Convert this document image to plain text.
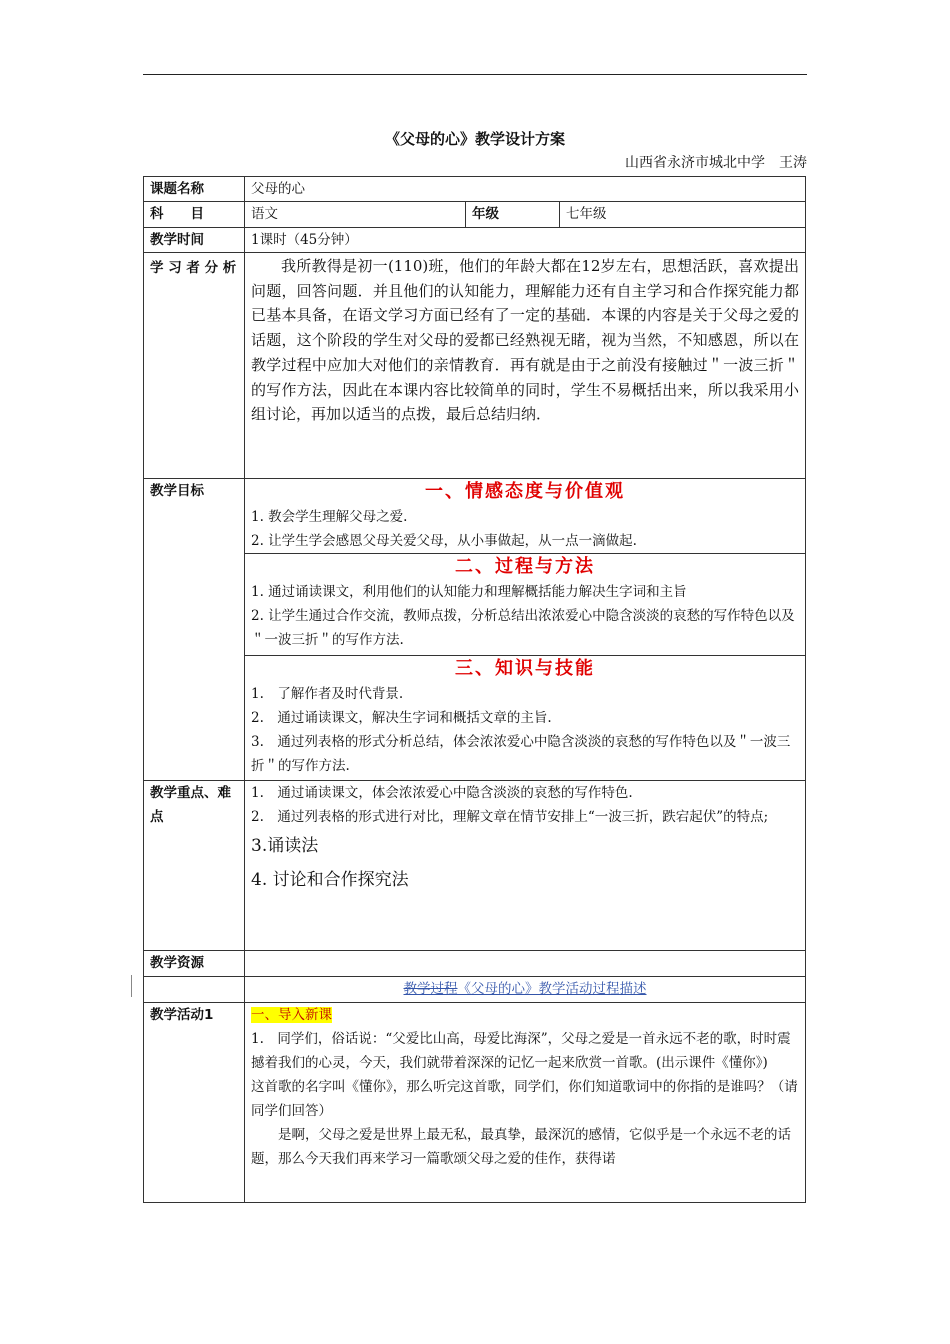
《父母的心》教学设计方案
山西省永济市城北中学　王涛
课题名称	父母的心		
科　　目	语文	年级	七年级
教学时间	1课时（45分钟）		
学 习 者 分 析	我所教得是初一(110)班，他们的年龄大都在12岁左右，思想活跃，喜欢提出问题，回答问题．并且他们的认知能力，理解能力还有自主学习和合作探究能力都已基本具备，在语文学习方面已经有了一定的基础．本课的内容是关于父母之爱的话题，这个阶段的学生对父母的爱都已经熟视无睹，视为当然，不知感恩，所以在教学过程中应加大对他们的亲情教育．再有就是由于之前没有接触过＂一波三折＂的写作方法，因此在本课内容比较简单的同时，学生不易概括出来，所以我采用小组讨论，再加以适当的点拨，最后总结归纳．		

教学目标	一、情感态度与价值观
1. 教会学生理解父母之爱.
2. 让学生学会感恩父母关爱父母，从小事做起，从一点一滴做起.		

	二、过程与方法
1. 通过诵读课文，利用他们的认知能力和理解概括能力解决生字词和主旨
2. 让学生通过合作交流，教师点拨，分析总结出浓浓爱心中隐含淡淡的哀愁的写作特色以及＂一波三折＂的写作方法.		

	三、知识与技能
1.　了解作者及时代背景.
2.　通过诵读课文，解决生字词和概括文章的主旨.
3.　通过列表格的形式分析总结，体会浓浓爱心中隐含淡淡的哀愁的写作特色以及＂一波三折＂的写作方法.		

教学重点、难点	1.　通过诵读课文，体会浓浓爱心中隐含淡淡的哀愁的写作特色.
2.　通过列表格的形式进行对比，理解文章在情节安排上“一波三折，跌宕起伏”的特点;
3.诵读法
4. 讨论和合作探究法		

教学资源			
	教学过程《父母的心》教学活动过程描述		
教学活动1	一、导入新课
1.　同学们，俗话说：“父爱比山高，母爱比海深”，父母之爱是一首永远不老的歌，时时震撼着我们的心灵，今天，我们就带着深深的记忆一起来欣赏一首歌。(出示课件《懂你》)
这首歌的名字叫《懂你》，那么听完这首歌，同学们，你们知道歌词中的你指的是谁吗？（请同学们回答）
是啊，父母之爱是世界上最无私，最真挚，最深沉的感情，它似乎是一个永远不老的话题，那么今天我们再来学习一篇歌颂父母之爱的佳作，获得诺		
